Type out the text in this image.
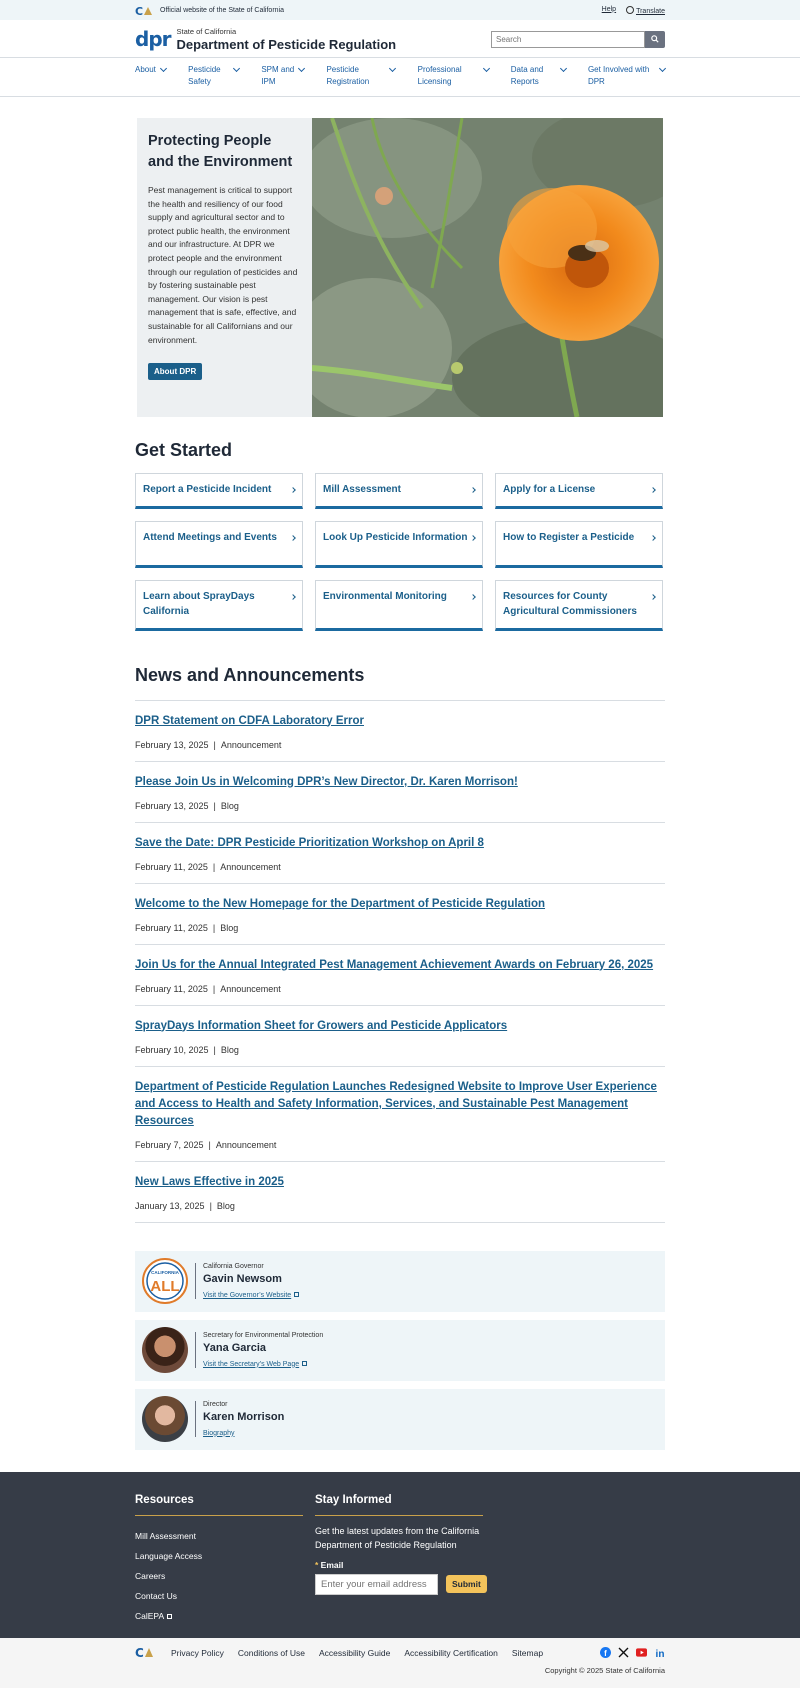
C Official website of the State of California	Help	Translate
dpr State of California
Department of Pesticide Regulation
Search
About	Pesticide Safety
SPM and IPM
Pesticide Registration
Professional Licensing
Data and Reports
Get Involved with DPR
Protecting People and the Environment
Pest management is critical to support the health and resiliency of our food supply and agricultural sector and to protect public health, the environment and our infrastructure. At DPR we protect people and the environment through our regulation of pesticides and by fostering sustainable pest management. Our vision is pest management that is safe, effective, and sustainable for all Californians and our environment.
About DPR
Get Started
Report a Pesticide Incident	Mill Assessment	Apply for a License
Attend Meetings and Events	Look Up Pesticide Information	How to Register a Pesticide
Learn about SprayDays California
Environmental Monitoring	Resources for County Agricultural Commissioners
News and Announcements
DPR Statement on CDFA Laboratory Error
February 13, 2025 | Announcement
Please Join Us in Welcoming DPR’s New Director, Dr. Karen Morrison!
February 13, 2025 | Blog
Save the Date: DPR Pesticide Prioritization Workshop on April 8
February 11, 2025 | Announcement
Welcome to the New Homepage for the Department of Pesticide Regulation
February 11, 2025 | Blog
Join Us for the Annual Integrated Pest Management Achievement Awards on February 26, 2025
February 11, 2025 | Announcement
SprayDays Information Sheet for Growers and Pesticide Applicators
February 10, 2025 | Blog
Department of Pesticide Regulation Launches Redesigned Website to Improve User Experience and Access to Health and Safety Information, Services, and Sustainable Pest Management Resources
February 7, 2025 | Announcement
New Laws Effective in 2025
January 13, 2025 | Blog
CALIFORNIA
ALL
California Governor
Gavin Newsom
Visit the Governor’s Website
Secretary for Environmental Protection
Yana Garcia
Visit the Secretary’s Web Page
Director
Karen Morrison
Biography
Resources
Mill Assessment
Language Access
Careers
Contact Us
CalEPA
Stay Informed
Get the latest updates from the California Department of Pesticide Regulation
* Email
Enter your email address
Submit
C	Privacy Policy Conditions of Use Accessibility Guide Accessibility Certification Sitemap	f	in
Copyright © 2025 State of California
